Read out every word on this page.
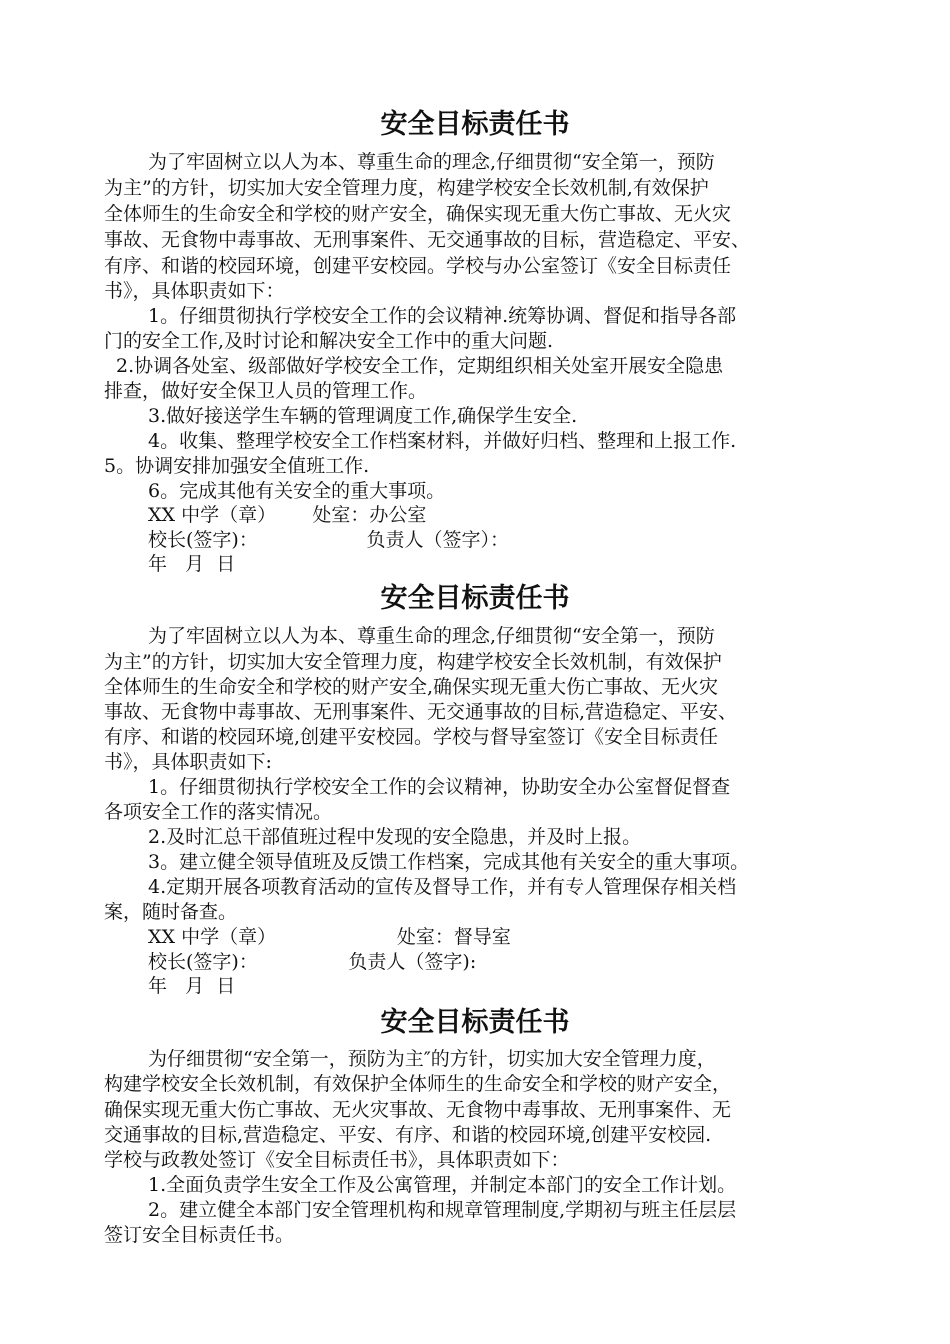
安全目标责任书

为了牢固树立以人为本、尊重生命的理念,仔细贯彻“安全第一，预防

为主”的方针，切实加大安全管理力度，构建学校安全长效机制,有效保护

全体师生的生命安全和学校的财产安全，确保实现无重大伤亡事故、无火灾

事故、无食物中毒事故、无刑事案件、无交通事故的目标，营造稳定、平安、

有序、和谐的校园环境，创建平安校园。学校与办公室签订《安全目标责任

书》，具体职责如下：

1。仔细贯彻执行学校安全工作的会议精神.统筹协调、督促和指导各部

门的安全工作,及时讨论和解决安全工作中的重大问题.

2.协调各处室、级部做好学校安全工作，定期组织相关处室开展安全隐患

排查，做好安全保卫人员的管理工作。

3.做好接送学生车辆的管理调度工作,确保学生安全.

4。收集、整理学校安全工作档案材料，并做好归档、整理和上报工作.

5。协调安排加强安全值班工作.

6。完成其他有关安全的重大事项。

XX 中学（章）      处室：办公室

校长(签字)：                  负责人（签字）：

年   月  日

安全目标责任书

为了牢固树立以人为本、尊重生命的理念,仔细贯彻“安全第一，预防

为主”的方针，切实加大安全管理力度，构建学校安全长效机制，有效保护

全体师生的生命安全和学校的财产安全,确保实现无重大伤亡事故、无火灾

事故、无食物中毒事故、无刑事案件、无交通事故的目标,营造稳定、平安、

有序、和谐的校园环境,创建平安校园。学校与督导室签订《安全目标责任

书》，具体职责如下:

1。仔细贯彻执行学校安全工作的会议精神，协助安全办公室督促督查

各项安全工作的落实情况。

2.及时汇总干部值班过程中发现的安全隐患，并及时上报。

3。建立健全领导值班及反馈工作档案，完成其他有关安全的重大事项。

4.定期开展各项教育活动的宣传及督导工作，并有专人管理保存相关档

案，随时备查。

XX 中学（章）                    处室：督导室

校长(签字)：               负责人（签字):

年   月  日

安全目标责任书

为仔细贯彻“安全第一，预防为主″的方针，切实加大安全管理力度，

构建学校安全长效机制，有效保护全体师生的生命安全和学校的财产安全，

确保实现无重大伤亡事故、无火灾事故、无食物中毒事故、无刑事案件、无

交通事故的目标,营造稳定、平安、有序、和谐的校园环境,创建平安校园.

学校与政教处签订《安全目标责任书》，具体职责如下：

1.全面负责学生安全工作及公寓管理，并制定本部门的安全工作计划。

2。建立健全本部门安全管理机构和规章管理制度,学期初与班主任层层

签订安全目标责任书。
